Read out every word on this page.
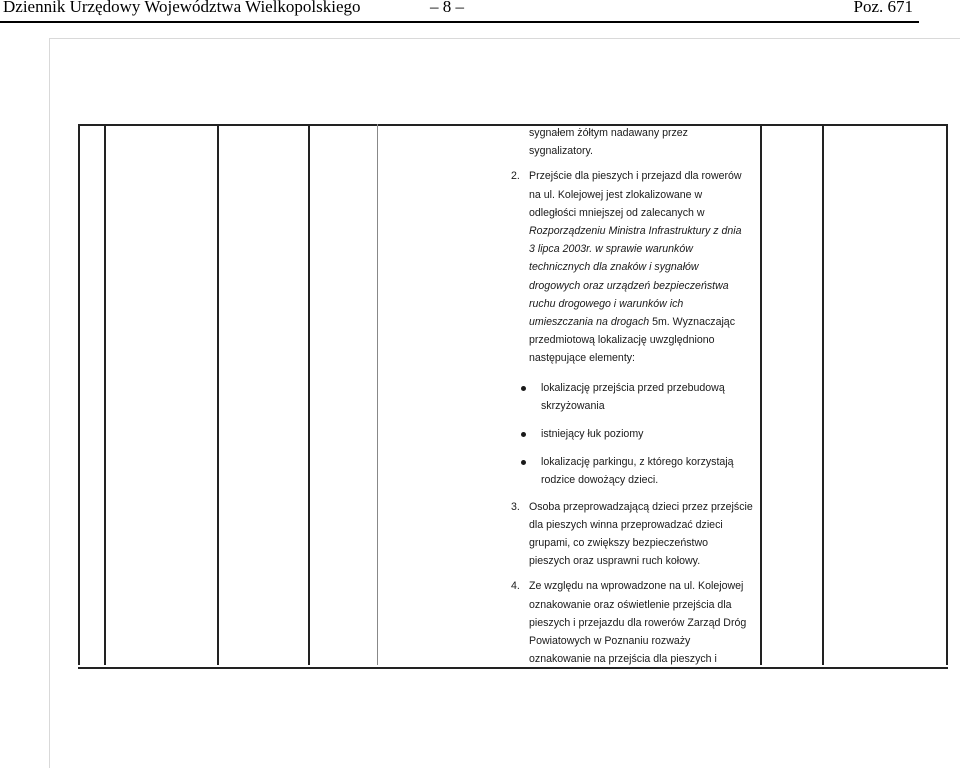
Dziennik Urzędowy Województwa Wielkopolskiego	– 8 –	Poz. 671

sygnałem żółtym nadawany przez

sygnalizatory.

2. Przejście dla pieszych i przejazd dla rowerów

na ul. Kolejowej jest zlokalizowane w

odległości mniejszej od zalecanych w

Rozporządzeniu Ministra Infrastruktury z dnia

3 lipca 2003r. w sprawie warunków

technicznych dla znaków i sygnałów

drogowych oraz urządzeń bezpieczeństwa

ruchu drogowego i warunków ich

umieszczania na drogach 5m. Wyznaczając

przedmiotową lokalizację uwzględniono

następujące elementy:

lokalizację przejścia przed przebudową

skrzyżowania

istniejący łuk poziomy

lokalizację parkingu, z którego korzystają

rodzice dowożący dzieci.

3. Osoba przeprowadzającą dzieci przez przejście

dla pieszych winna przeprowadzać dzieci

grupami, co zwiększy bezpieczeństwo

pieszych oraz usprawni ruch kołowy.

4. Ze względu na wprowadzone na ul. Kolejowej

oznakowanie oraz oświetlenie przejścia dla

pieszych i przejazdu dla rowerów Zarząd Dróg

Powiatowych w Poznaniu rozważy

oznakowanie na przejścia dla pieszych i
